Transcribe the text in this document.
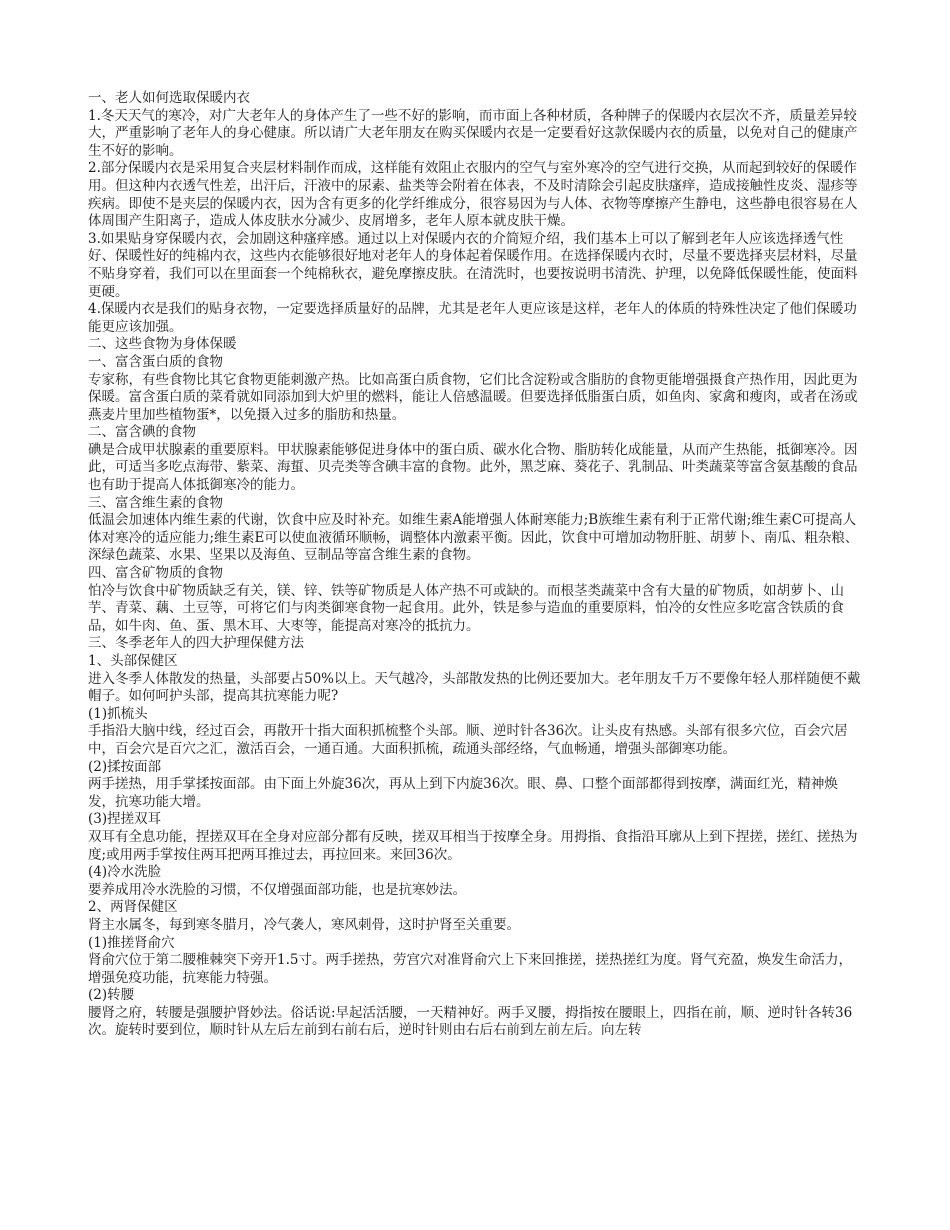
一、老人如何选取保暖内衣

1.冬天天气的寒冷，对广大老年人的身体产生了一些不好的影响，而市面上各种材质，各种牌子的保暖内衣层次不齐，质量差异较大，严重影响了老年人的身心健康。所以请广大老年朋友在购买保暖内衣是一定要看好这款保暖内衣的质量，以免对自己的健康产生不好的影响。

2.部分保暖内衣是采用复合夹层材料制作而成，这样能有效阻止衣服内的空气与室外寒冷的空气进行交换，从而起到较好的保暖作用。但这种内衣透气性差，出汗后，汗液中的尿素、盐类等会附着在体表，不及时清除会引起皮肤瘙痒，造成接触性皮炎、湿疹等疾病。即使不是夹层的保暖内衣，因为含有更多的化学纤维成分，很容易因为与人体、衣物等摩擦产生静电，这些静电很容易在人体周围产生阳离子，造成人体皮肤水分减少、皮屑增多，老年人原本就皮肤干燥。

3.如果贴身穿保暖内衣，会加剧这种瘙痒感。通过以上对保暖内衣的介简短介绍，我们基本上可以了解到老年人应该选择透气性好、保暖性好的纯棉内衣，这些内衣能够很好地对老年人的身体起着保暖作用。在选择保暖内衣时，尽量不要选择夹层材料，尽量不贴身穿着，我们可以在里面套一个纯棉秋衣，避免摩擦皮肤。在清洗时，也要按说明书清洗、护理，以免降低保暖性能，使面料更硬。

4.保暖内衣是我们的贴身衣物，一定要选择质量好的品牌，尤其是老年人更应该是这样，老年人的体质的特殊性决定了他们保暖功能更应该加强。

二、这些食物为身体保暖

一、富含蛋白质的食物

专家称，有些食物比其它食物更能刺激产热。比如高蛋白质食物，它们比含淀粉或含脂肪的食物更能增强摄食产热作用，因此更为保暖。富含蛋白质的菜肴就如同添加到大炉里的燃料，能让人倍感温暖。但要选择低脂蛋白质，如鱼肉、家禽和瘦肉，或者在汤或燕麦片里加些植物蛋*，以免摄入过多的脂肪和热量。

二、富含碘的食物

碘是合成甲状腺素的重要原料。甲状腺素能够促进身体中的蛋白质、碳水化合物、脂肪转化成能量，从而产生热能，抵御寒冷。因此，可适当多吃点海带、紫菜、海蜇、贝壳类等含碘丰富的食物。此外，黑芝麻、葵花子、乳制品、叶类蔬菜等富含氨基酸的食品也有助于提高人体抵御寒冷的能力。

三、富含维生素的食物

低温会加速体内维生素的代谢，饮食中应及时补充。如维生素A能增强人体耐寒能力;B族维生素有利于正常代谢;维生素C可提高人体对寒冷的适应能力;维生素E可以使血液循环顺畅，调整体内激素平衡。因此，饮食中可增加动物肝脏、胡萝卜、南瓜、粗杂粮、深绿色蔬菜、水果、坚果以及海鱼、豆制品等富含维生素的食物。

四、富含矿物质的食物

怕冷与饮食中矿物质缺乏有关，镁、锌、铁等矿物质是人体产热不可或缺的。而根茎类蔬菜中含有大量的矿物质，如胡萝卜、山芋、青菜、藕、土豆等，可将它们与肉类御寒食物一起食用。此外，铁是参与造血的重要原料，怕冷的女性应多吃富含铁质的食品，如牛肉、鱼、蛋、黑木耳、大枣等，能提高对寒冷的抵抗力。

三、冬季老年人的四大护理保健方法

1、头部保健区

进入冬季人体散发的热量，头部要占50%以上。天气越冷，头部散发热的比例还要加大。老年朋友千万不要像年轻人那样随便不戴帽子。如何呵护头部，提高其抗寒能力呢?

(1)抓梳头

手指沿大脑中线，经过百会，再散开十指大面积抓梳整个头部。顺、逆时针各36次。让头皮有热感。头部有很多穴位，百会穴居中，百会穴是百穴之汇，激活百会，一通百通。大面积抓梳，疏通头部经络，气血畅通，增强头部御寒功能。

(2)揉按面部

两手搓热，用手掌揉按面部。由下面上外旋36次，再从上到下内旋36次。眼、鼻、口整个面部都得到按摩，满面红光，精神焕发，抗寒功能大增。

(3)捏搓双耳

双耳有全息功能，捏搓双耳在全身对应部分都有反映，搓双耳相当于按摩全身。用拇指、食指沿耳廓从上到下捏搓，搓红、搓热为度;或用两手掌按住两耳把两耳推过去，再拉回来。来回36次。

(4)冷水洗脸

要养成用冷水洗脸的习惯，不仅增强面部功能，也是抗寒妙法。

2、两肾保健区

肾主水属冬，每到寒冬腊月，冷气袭人，寒风刺骨，这时护肾至关重要。

(1)推搓肾俞穴

肾俞穴位于第二腰椎棘突下旁开1.5寸。两手搓热，劳宫穴对准肾俞穴上下来回推搓，搓热搓红为度。肾气充盈，焕发生命活力，增强免疫功能，抗寒能力特强。

(2)转腰

腰肾之府，转腰是强腰护肾妙法。俗话说:早起活活腰，一天精神好。两手叉腰，拇指按在腰眼上，四指在前，顺、逆时针各转36次。旋转时要到位，顺时针从左后左前到右前右后，逆时针则由右后右前到左前左后。向左转
